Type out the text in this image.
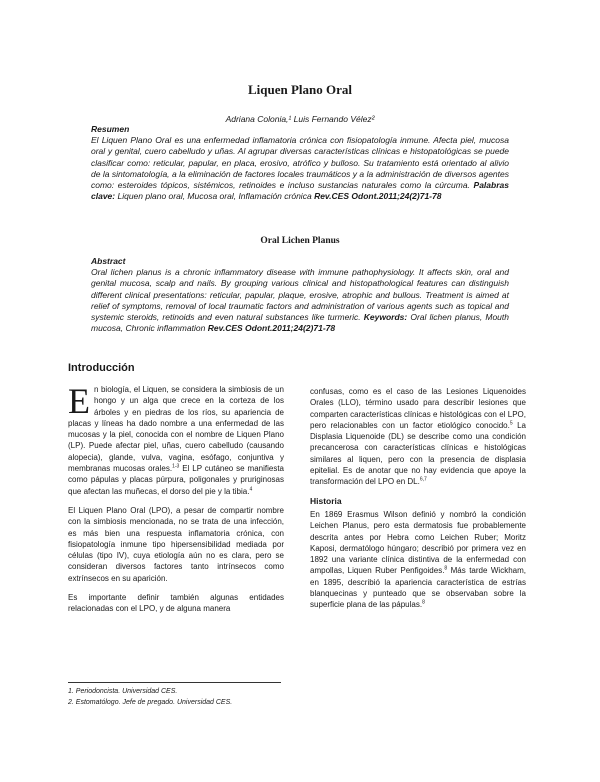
Liquen Plano Oral
Adriana Colonia,¹ Luis Fernando Vélez²
Resumen
El Liquen Plano Oral es una enfermedad inflamatoria crónica con fisiopatología inmune. Afecta piel, mucosa oral y genital, cuero cabelludo y uñas. Al agrupar diversas características clínicas e histopatológicas se puede clasificar como: reticular, papular, en placa, erosivo, atrófico y bulloso. Su tratamiento está orientado al alivio de la sintomatología, a la eliminación de factores locales traumáticos y a la administración de diversos agentes como: esteroides tópicos, sistémicos, retinoides e incluso sustancias naturales como la cúrcuma. Palabras clave: Liquen plano oral, Mucosa oral, Inflamación crónica Rev.CES Odont.2011;24(2)71-78
Oral Lichen Planus
Abstract
Oral lichen planus is a chronic inflammatory disease with immune pathophysiology. It affects skin, oral and genital mucosa, scalp and nails. By grouping various clinical and histopathological features can distinguish different clinical presentations: reticular, papular, plaque, erosive, atrophic and bullous. Treatment is aimed at relief of symptoms, removal of local traumatic factors and administration of various agents such as topical and systemic steroids, retinoids and even natural substances like turmeric. Keywords: Oral lichen planus, Mouth mucosa, Chronic inflammation Rev.CES Odont.2011;24(2)71-78
Introducción

En biología, el Liquen, se considera la simbiosis de un hongo y un alga que crece en la corteza de los árboles y en piedras de los ríos, su apariencia de placas y líneas ha dado nombre a una enfermedad de las mucosas y la piel, conocida con el nombre de Liquen Plano (LP). Puede afectar piel, uñas, cuero cabelludo (causando alopecia), glande, vulva, vagina, esófago, conjuntiva y membranas mucosas orales.$^{1-3}$ El LP cutáneo se manifiesta como pápulas y placas púrpura, poligonales y pruriginosas que afectan las muñecas, el dorso del pie y la tibia.$^4$

El Liquen Plano Oral (LPO), a pesar de compartir nombre con la simbiosis mencionada, no se trata de una infección, es más bien una respuesta inflamatoria crónica, con fisiopatología inmune tipo hipersensibilidad mediada por células (tipo IV), cuya etiología aún no es clara, pero se consideran diversos factores tanto intrínsecos como extrínsecos en su aparición.

Es importante definir también algunas entidades relacionadas con el LPO, y de alguna manera

confusas, como es el caso de las Lesiones Liquenoides Orales (LLO), término usado para describir lesiones que comparten características clínicas e histológicas con el LPO, pero relacionables con un factor etiológico conocido.$^5$ La Displasia Liquenoide (DL) se describe como una condición precancerosa con características clínicas e histológicas similares al liquen, pero con la presencia de displasia epitelial. Es de anotar que no hay evidencia que apoye la transformación del LPO en DL.$^{6,7}$

Historia

En 1869 Erasmus Wilson definió y nombró la condición Leichen Planus, pero esta dermatosis fue probablemente descrita antes por Hebra como Leichen Ruber; Moritz Kaposi, dermatólogo húngaro; describió por primera vez en 1892 una variante clínica distintiva de la enfermedad con ampollas, Liquen Ruber Penfigoides.$^8$ Más tarde Wickham, en 1895, describió la apariencia característica de estrías blanquecinas y punteado que se observaban sobre la superficie plana de las pápulas.$^8$

1. Periodoncista. Universidad CES.
2. Estomatólogo. Jefe de pregado. Universidad CES.
